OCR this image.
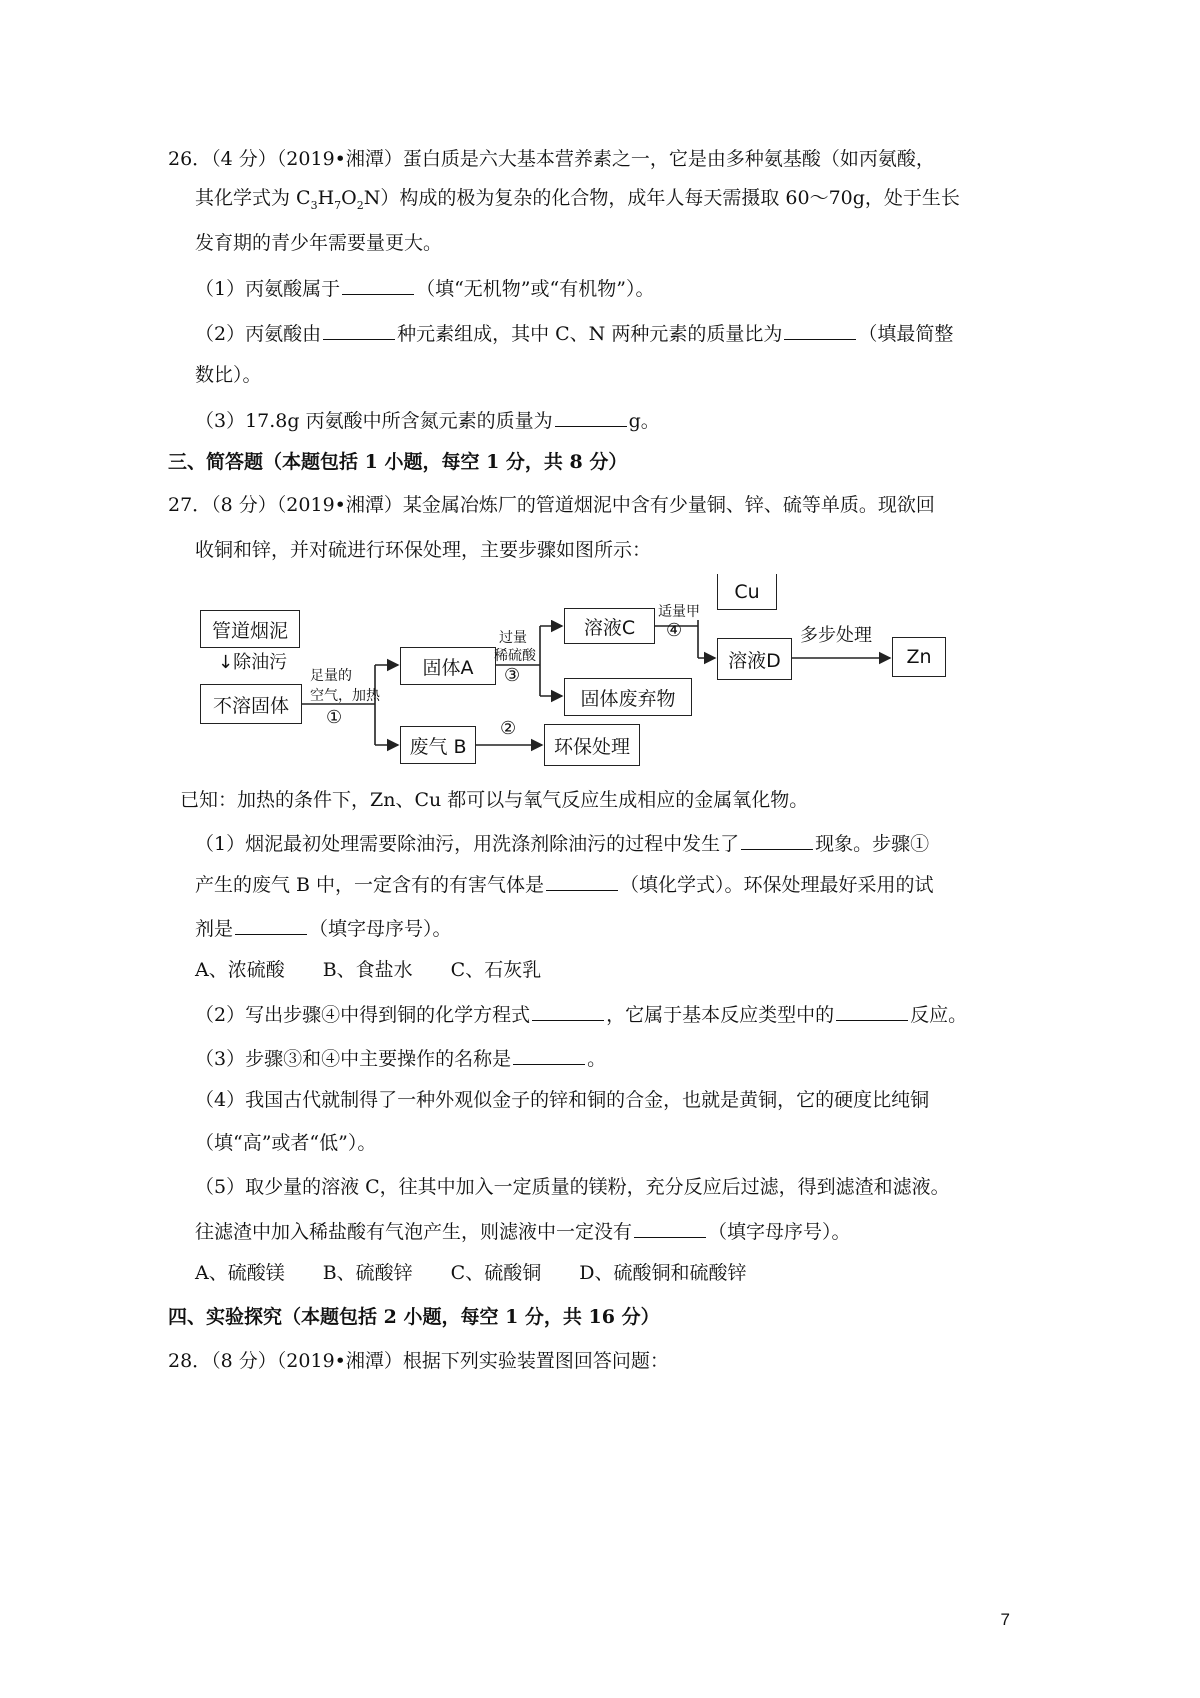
26．（4 分）（2019•湘潭）蛋白质是六大基本营养素之一，它是由多种氨基酸（如丙氨酸，
其化学式为 $C_3H_7O_2N$）构成的极为复杂的化合物，成年人每天需摄取 60～70g，处于生长
发育期的青少年需要量更大。
（1）丙氨酸属于	（填“无机物”或“有机物”）。
（2）丙氨酸由	种元素组成，其中 C、N 两种元素的质量比为	（填最简整
数比）。
（3）17.8g 丙氨酸中所含氮元素的质量为	g。
三、简答题（本题包括 1 小题，每空 1 分，共 8 分）
27．（8 分）（2019•湘潭）某金属冶炼厂的管道烟泥中含有少量铜、锌、硫等单质。现欲回
收铜和锌，并对硫进行环保处理，主要步骤如图所示：
管道烟泥
↓除油污
不溶固体
足量的
空气，加热
①
固体A
废气 B
②
环保处理
过量
稀硫酸
③
溶液C
固体废弃物
适量甲
④
Cu
溶液D
多步处理
Zn
已知：加热的条件下，Zn、Cu 都可以与氧气反应生成相应的金属氧化物。
（1）烟泥最初处理需要除油污，用洗涤剂除油污的过程中发生了	现象。步骤①
产生的废气 B 中，一定含有的有害气体是	（填化学式）。环保处理最好采用的试
剂是	（填字母序号）。
A、浓硫酸　　B、食盐水　　C、石灰乳
（2）写出步骤④中得到铜的化学方程式	，它属于基本反应类型中的	反应。
（3）步骤③和④中主要操作的名称是	。
（4）我国古代就制得了一种外观似金子的锌和铜的合金，也就是黄铜，它的硬度比纯铜
（填“高”或者“低”）。
（5）取少量的溶液 C，往其中加入一定质量的镁粉，充分反应后过滤，得到滤渣和滤液。
往滤渣中加入稀盐酸有气泡产生，则滤液中一定没有	（填字母序号）。
A、硫酸镁　　B、硫酸锌　　C、硫酸铜　　D、硫酸铜和硫酸锌
四、实验探究（本题包括 2 小题，每空 1 分，共 16 分）
28．（8 分）（2019•湘潭）根据下列实验装置图回答问题：
7
